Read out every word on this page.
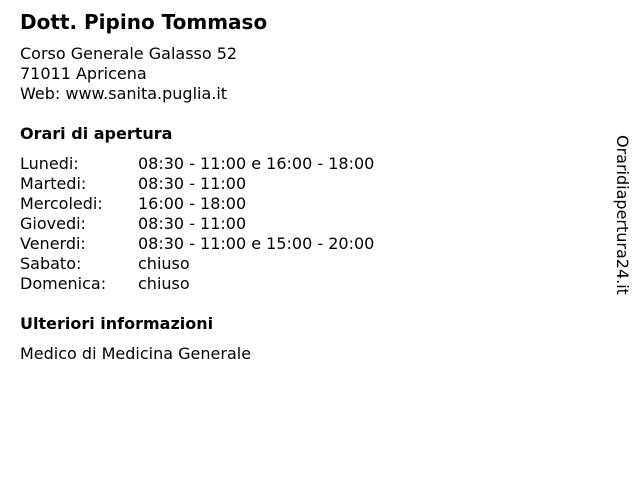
Dott. Pipino Tommaso
Corso Generale Galasso 52
71011 Apricena
Web: www.sanita.puglia.it
Orari di apertura
Lunedi:	08:30 - 11:00 e 16:00 - 18:00
Martedi:	08:30 - 11:00
Mercoledi:	16:00 - 18:00
Giovedi:	08:30 - 11:00
Venerdi:	08:30 - 11:00 e 15:00 - 20:00
Sabato:	chiuso
Domenica:	chiuso
Ulteriori informazioni
Medico di Medicina Generale
Oraridiapertura24.it
